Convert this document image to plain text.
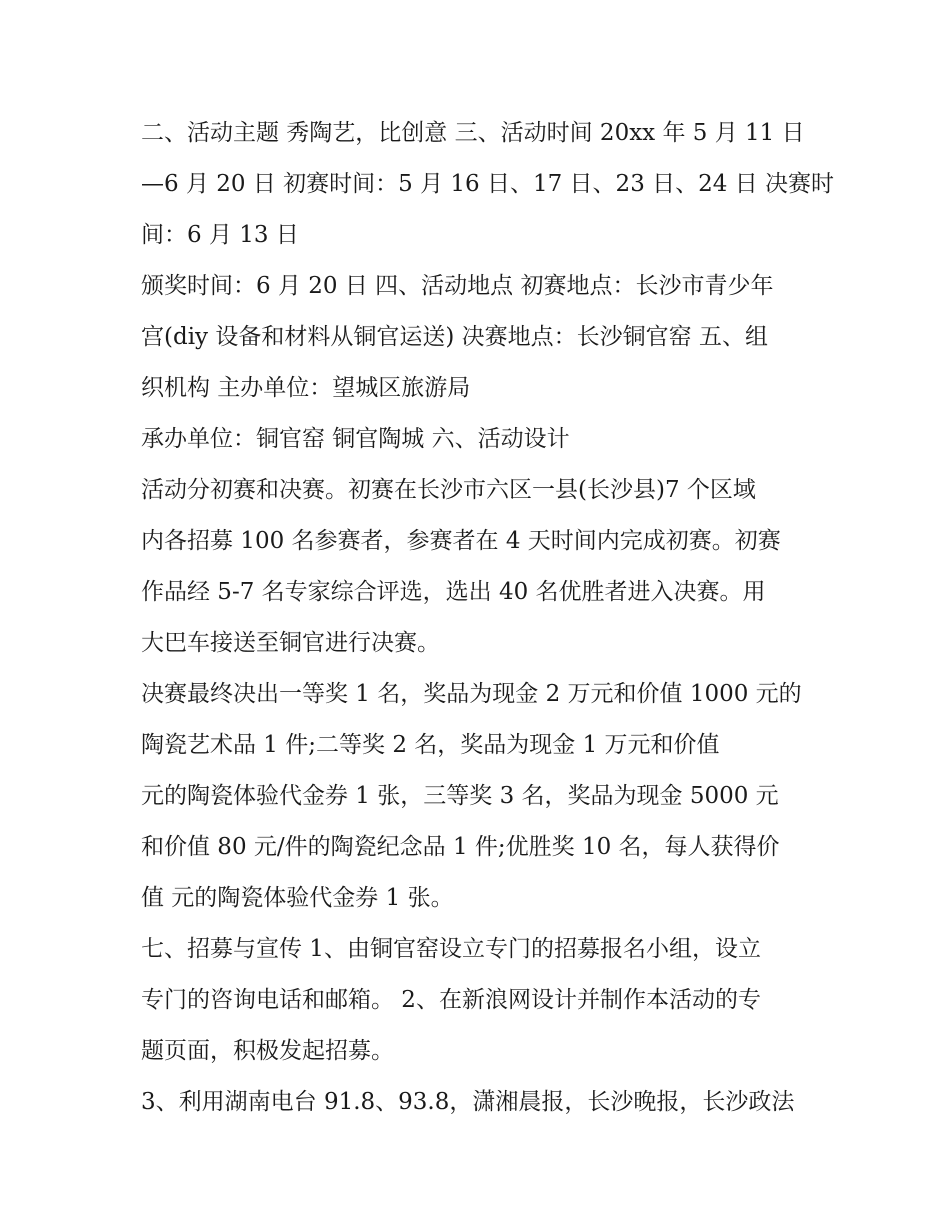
二、活动主题 秀陶艺，比创意 三、活动时间 20xx 年 5 月 11 日
—6 月 20 日 初赛时间：5 月 16 日、17 日、23 日、24 日 决赛时
间：6 月 13 日
颁奖时间：6 月 20 日 四、活动地点 初赛地点：长沙市青少年
宫(diy 设备和材料从铜官运送) 决赛地点：长沙铜官窑 五、组
织机构 主办单位：望城区旅游局
承办单位：铜官窑 铜官陶城 六、活动设计
活动分初赛和决赛。初赛在长沙市六区一县(长沙县)7 个区域
内各招募 100 名参赛者，参赛者在 4 天时间内完成初赛。初赛
作品经 5-7 名专家综合评选，选出 40 名优胜者进入决赛。用
大巴车接送至铜官进行决赛。
决赛最终决出一等奖 1 名，奖品为现金 2 万元和价值 1000 元的
陶瓷艺术品 1 件;二等奖 2 名，奖品为现金 1 万元和价值
元的陶瓷体验代金券 1 张，三等奖 3 名，奖品为现金 5000 元
和价值 80 元/件的陶瓷纪念品 1 件;优胜奖 10 名，每人获得价
值 元的陶瓷体验代金券 1 张。
七、招募与宣传 1、由铜官窑设立专门的招募报名小组，设立
专门的咨询电话和邮箱。 2、在新浪网设计并制作本活动的专
题页面，积极发起招募。
3、利用湖南电台 91.8、93.8，潇湘晨报，长沙晚报，长沙政法
